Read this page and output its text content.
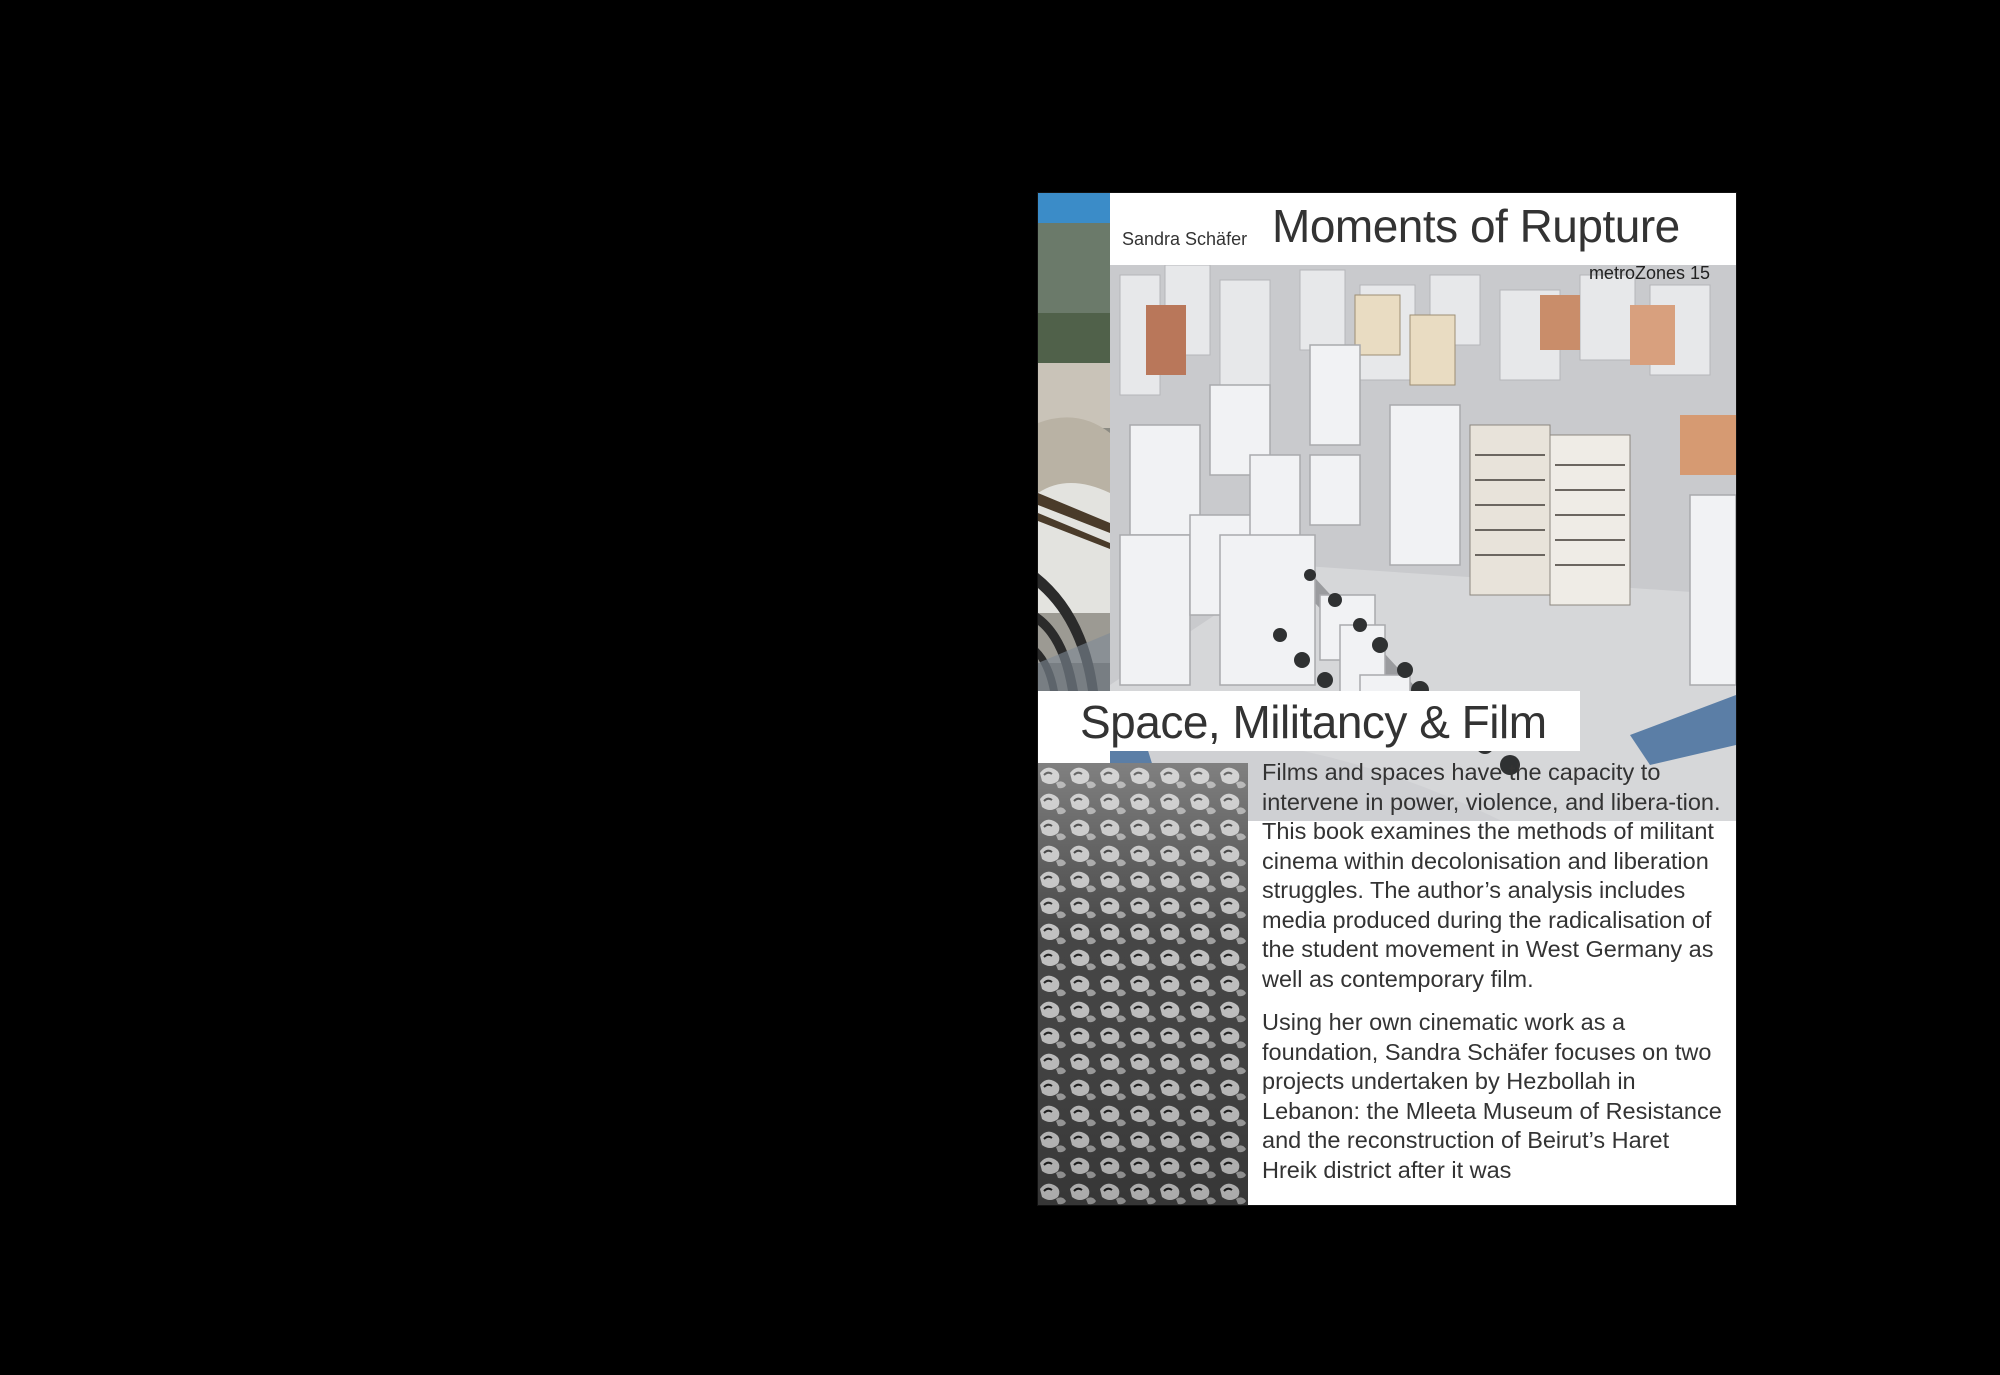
Sandra Schäfer Moments of Rupture
metroZones 15
Space, Militancy & Film

Films and spaces have the capacity to intervene in power, violence, and libera-tion. This book examines the methods of militant cinema within decolonisation and liberation struggles. The author’s analysis includes media produced during the radicalisation of the student movement in West Germany as well as contemporary film.

Using her own cinematic work as a foundation, Sandra Schäfer focuses on two projects undertaken by Hezbollah in Lebanon: the Mleeta Museum of Resistance and the reconstruction of Beirut’s Haret Hreik district after it was
